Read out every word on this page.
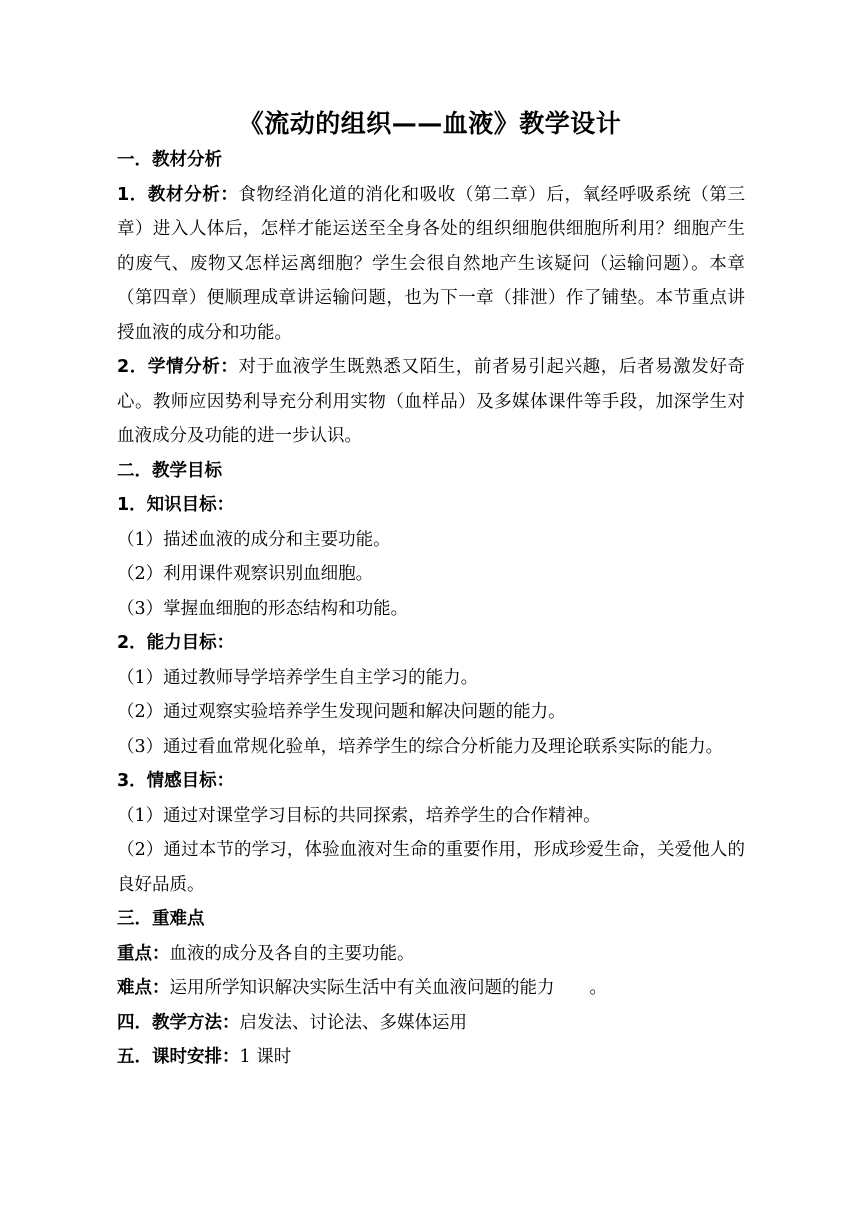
《流动的组织——血液》教学设计

一．教材分析

1．教材分析：食物经消化道的消化和吸收（第二章）后，氧经呼吸系统（第三章）进入人体后，怎样才能运送至全身各处的组织细胞供细胞所利用？细胞产生的废气、废物又怎样运离细胞？学生会很自然地产生该疑问（运输问题）。本章（第四章）便顺理成章讲运输问题，也为下一章（排泄）作了铺垫。本节重点讲授血液的成分和功能。

2．学情分析：对于血液学生既熟悉又陌生，前者易引起兴趣，后者易激发好奇心。教师应因势利导充分利用实物（血样品）及多媒体课件等手段，加深学生对血液成分及功能的进一步认识。

二．教学目标

1．知识目标：

（1）描述血液的成分和主要功能。

（2）利用课件观察识别血细胞。

（3）掌握血细胞的形态结构和功能。

2．能力目标：

（1）通过教师导学培养学生自主学习的能力。

（2）通过观察实验培养学生发现问题和解决问题的能力。

（3）通过看血常规化验单，培养学生的综合分析能力及理论联系实际的能力。

3．情感目标：

（1）通过对课堂学习目标的共同探索，培养学生的合作精神。

（2）通过本节的学习，体验血液对生命的重要作用，形成珍爱生命，关爱他人的良好品质。

三．重难点

重点：血液的成分及各自的主要功能。

难点：运用所学知识解决实际生活中有关血液问题的能力　　。

四．教学方法：启发法、讨论法、多媒体运用

五．课时安排：1 课时
